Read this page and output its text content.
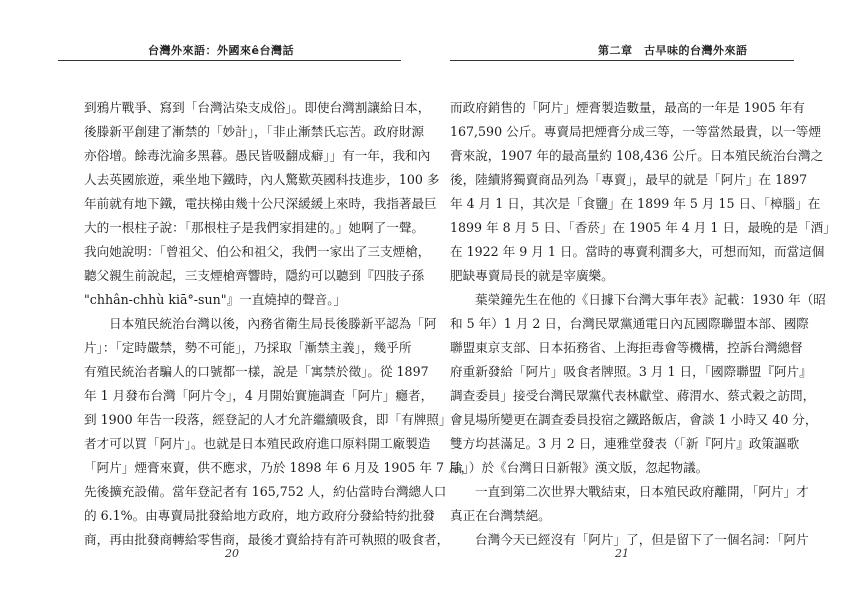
台灣外來語：外國來ê台灣話
到鴉片戰爭、寫到「台灣沾染支成俗」。即使台灣割讓給日本，
後滕新平創建了漸禁的「妙計」，「非止漸禁氏忘苦。政府財源
亦俗增。餘毒沈淪多黑暮。愚民皆吸翻成癖」」有一年，我和內
人去英國旅遊，乘坐地下鐵時，內人驚歎英國科技進步，100 多
年前就有地下鐵，電扶梯由幾十公尺深緩緩上來時，我指著最巨
大的一根柱子說：「那根柱子是我們家捐建的。」她啊了一聲。
我向她說明：「曾祖父、伯公和祖父，我們一家出了三支煙槍，
聽父親生前說起，三支煙槍齊響時，隱約可以聽到『四肢子孫
"chhân-chhù kiā°-sun"』一直燒掉的聲音。」
日本殖民統治台灣以後，內務省衛生局長後滕新平認為「阿
片」：「定時嚴禁，勢不可能」，乃採取「漸禁主義」，幾乎所
有殖民統治者騙人的口號都一樣，說是「寓禁於徵」。從 1897
年 1 月發布台灣「阿片令」，4 月開始實施調查「阿片」癮者，
到 1900 年告一段落，經登記的人才允許繼續吸食，即「有牌照」
者才可以買「阿片」。也就是日本殖民政府進口原料開工廠製造
「阿片」煙膏來賣，供不應求，乃於 1898 年 6 月及 1905 年 7 月，
先後擴充設備。當年登記者有 165,752 人，約佔當時台灣總人口
的 6.1%。由專賣局批發給地方政府，地方政府分發給特約批發
商，再由批發商轉給零售商，最後才賣給持有許可執照的吸食者，
20
第二章　古早味的台灣外來語
而政府銷售的「阿片」煙膏製造數量，最高的一年是 1905 年有
167,590 公斤。專賣局把煙膏分成三等，一等當然最貴，以一等煙
膏來說，1907 年的最高量約 108,436 公斤。日本殖民統治台灣之
後，陸續將獨賣商品列為「專賣」，最早的就是「阿片」在 1897
年 4 月 1 日，其次是「食鹽」在 1899 年 5 月 15 日、「樟腦」在
1899 年 8 月 5 日、「香菸」在 1905 年 4 月 1 日，最晚的是「酒」
在 1922 年 9 月 1 日。當時的專賣利潤多大，可想而知，而當這個
肥缺專賣局長的就是宰廣樂。
葉榮鐘先生在他的《日據下台灣大事年表》記載：1930 年（昭
和 5 年）1 月 2 日，台灣民眾黨通電日內瓦國際聯盟本部、國際
聯盟東京支部、日本拓務省、上海拒毒會等機構，控訴台灣總督
府重新發給「阿片」吸食者牌照。3 月 1 日，「國際聯盟『阿片』
調查委員」接受台灣民眾黨代表林獻堂、蔣渭水、蔡式穀之訪問，
會見場所變更在調查委員投宿之鐵路飯店，會談 1 小時又 40 分，
雙方均甚滿足。3 月 2 日，連雅堂發表（「新『阿片』政策謳歌
論」）於《台灣日日新報》漢文版，忽起物議。
一直到第二次世界大戰結束，日本殖民政府離開，「阿片」才
真正在台灣禁絕。
台灣今天已經沒有「阿片」了，但是留下了一個名詞：「阿片
21
